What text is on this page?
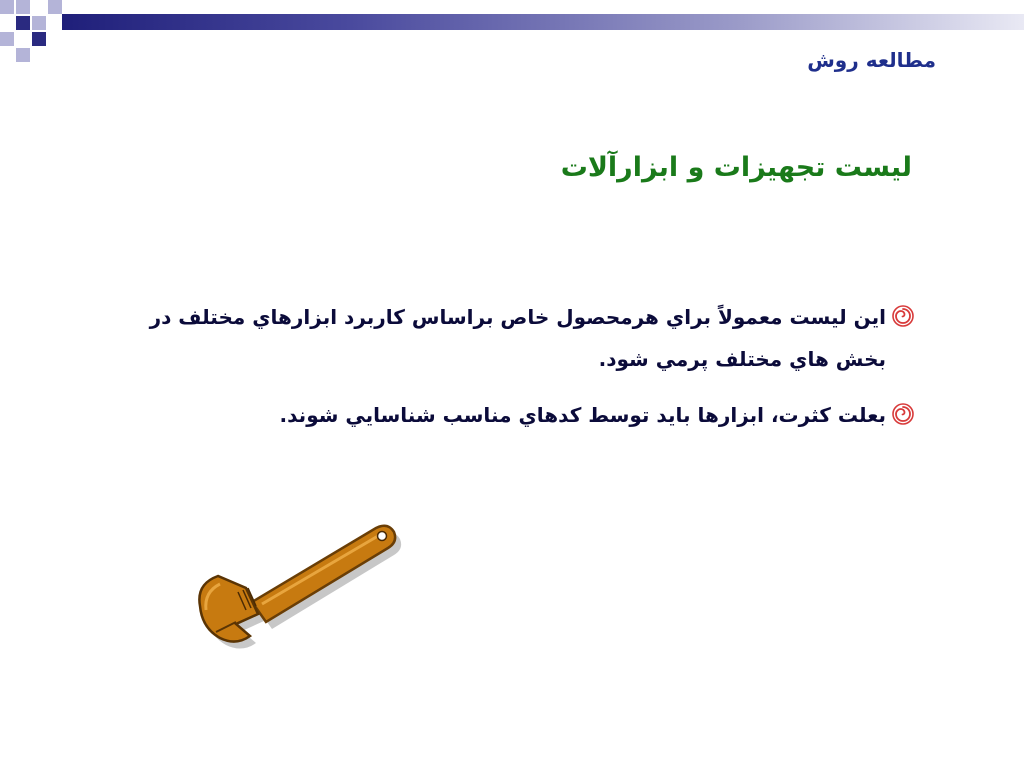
مطالعه روش
ليست تجهيزات و ابزارآلات
اين ليست معمولاً براي هرمحصول خاص براساس کاربرد ابزارهاي مختلف در بخش هاي مختلف پرمي شود.
بعلت کثرت، ابزارها بايد توسط کدهاي مناسب شناسايي شوند.
